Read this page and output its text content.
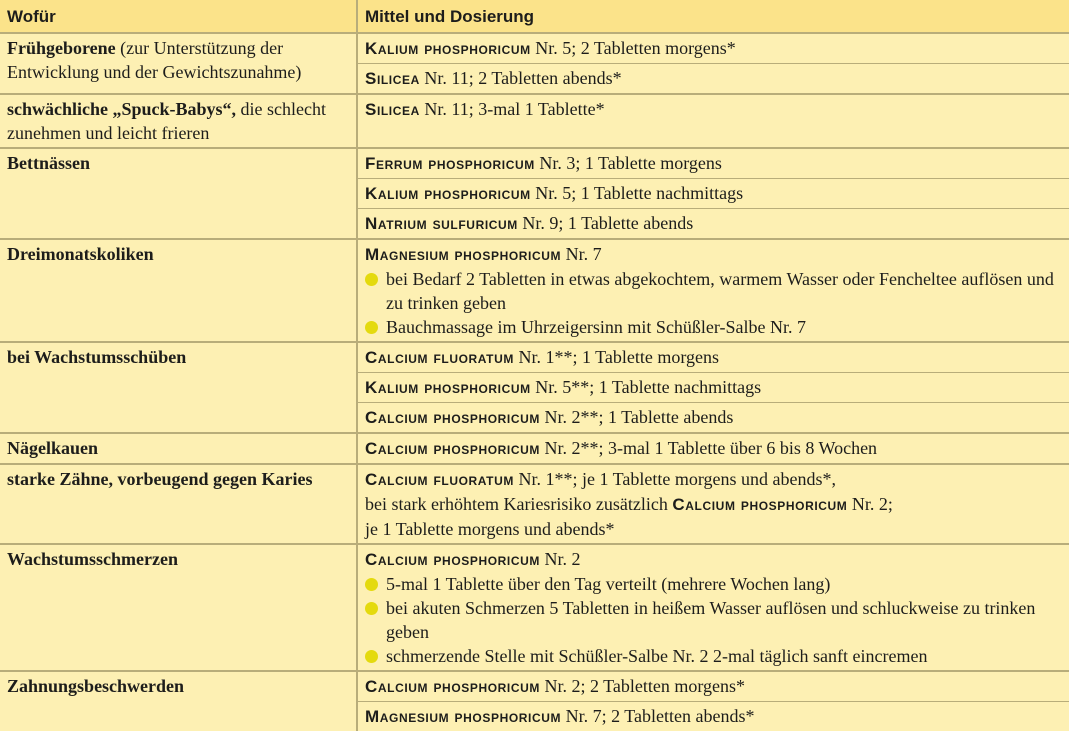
Wofür	Mittel und Dosierung
Frühgeborene (zur Unterstützung der Entwicklung und der Gewichtszunahme)	Kalium phosphoricum Nr. 5; 2 Tabletten morgens*
	Silicea Nr. 11; 2 Tabletten abends*
schwächliche „Spuck-Babys“, die schlecht zunehmen und leicht frieren	Silicea Nr. 11; 3-mal 1 Tablette*
Bettnässen	Ferrum phosphoricum Nr. 3; 1 Tablette morgens
	Kalium phosphoricum Nr. 5; 1 Tablette nachmittags
	Natrium sulfuricum Nr. 9; 1 Tablette abends
Dreimonatskoliken	Magnesium phosphoricum Nr. 7
bei Bedarf 2 Tabletten in etwas abgekochtem, warmem Wasser oder Fencheltee auflösen und zu trinken geben
Bauchmassage im Uhrzeigersinn mit Schüßler-Salbe Nr. 7

bei Wachstumsschüben	Calcium fluoratum Nr. 1**; 1 Tablette morgens
	Kalium phosphoricum Nr. 5**; 1 Tablette nachmittags
	Calcium phosphoricum Nr. 2**; 1 Tablette abends
Nägelkauen	Calcium phosphoricum Nr. 2**; 3-mal 1 Tablette über 6 bis 8 Wochen
starke Zähne, vorbeugend gegen Karies	Calcium fluoratum Nr. 1**; je 1 Tablette morgens und abends*,
bei stark erhöhtem Kariesrisiko zusätzlich Calcium phosphoricum Nr. 2;
je 1 Tablette morgens und abends*

Wachstumsschmerzen	Calcium phosphoricum Nr. 2
5-mal 1 Tablette über den Tag verteilt (mehrere Wochen lang)
bei akuten Schmerzen 5 Tabletten in heißem Wasser auflösen und schluckweise zu trinken geben
schmerzende Stelle mit Schüßler-Salbe Nr. 2 2-mal täglich sanft eincremen

Zahnungsbeschwerden	Calcium phosphoricum Nr. 2; 2 Tabletten morgens*
	Magnesium phosphoricum Nr. 7; 2 Tabletten abends*
